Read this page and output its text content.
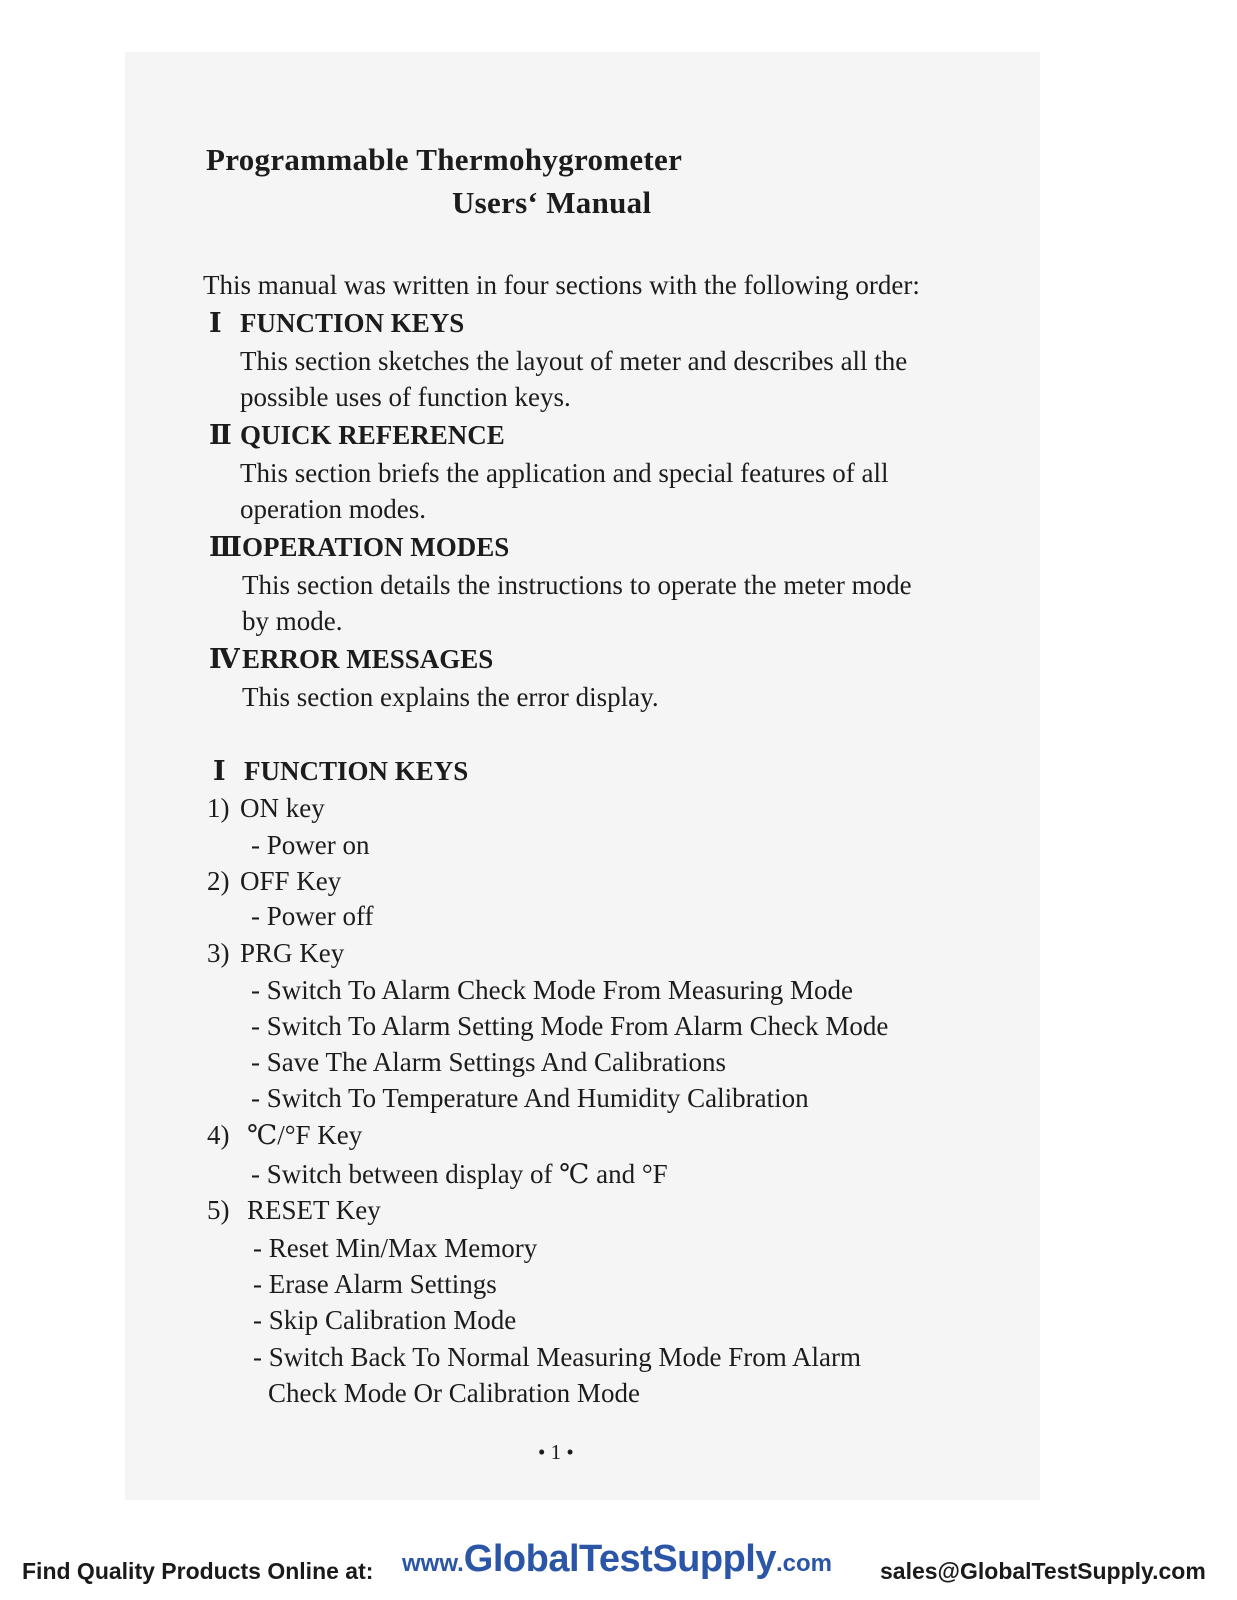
Programmable Thermohygrometer
Users‘ Manual
This manual was written in four sections with the following order:
Ⅰ FUNCTION KEYS
This section sketches the layout of meter and describes all the
possible uses of function keys.
Ⅱ QUICK REFERENCE
This section briefs the application and special features of all
operation modes.
ⅢOPERATION MODES
This section details the instructions to operate the meter mode
by mode.
ⅣERROR MESSAGES
This section explains the error display.
Ⅰ FUNCTION KEYS
1) ON key
- Power on
2) OFF Key
- Power off
3) PRG Key
- Switch To Alarm Check Mode From Measuring Mode
- Switch To Alarm Setting Mode From Alarm Check Mode
- Save The Alarm Settings And Calibrations
- Switch To Temperature And Humidity Calibration
4) ℃/°F Key
- Switch between display of ℃ and °F
5) RESET Key
- Reset Min/Max Memory
- Erase Alarm Settings
- Skip Calibration Mode
- Switch Back To Normal Measuring Mode From Alarm
Check Mode Or Calibration Mode
• 1 •
Find Quality Products Online at: www.GlobalTestSupply.com sales@GlobalTestSupply.com
